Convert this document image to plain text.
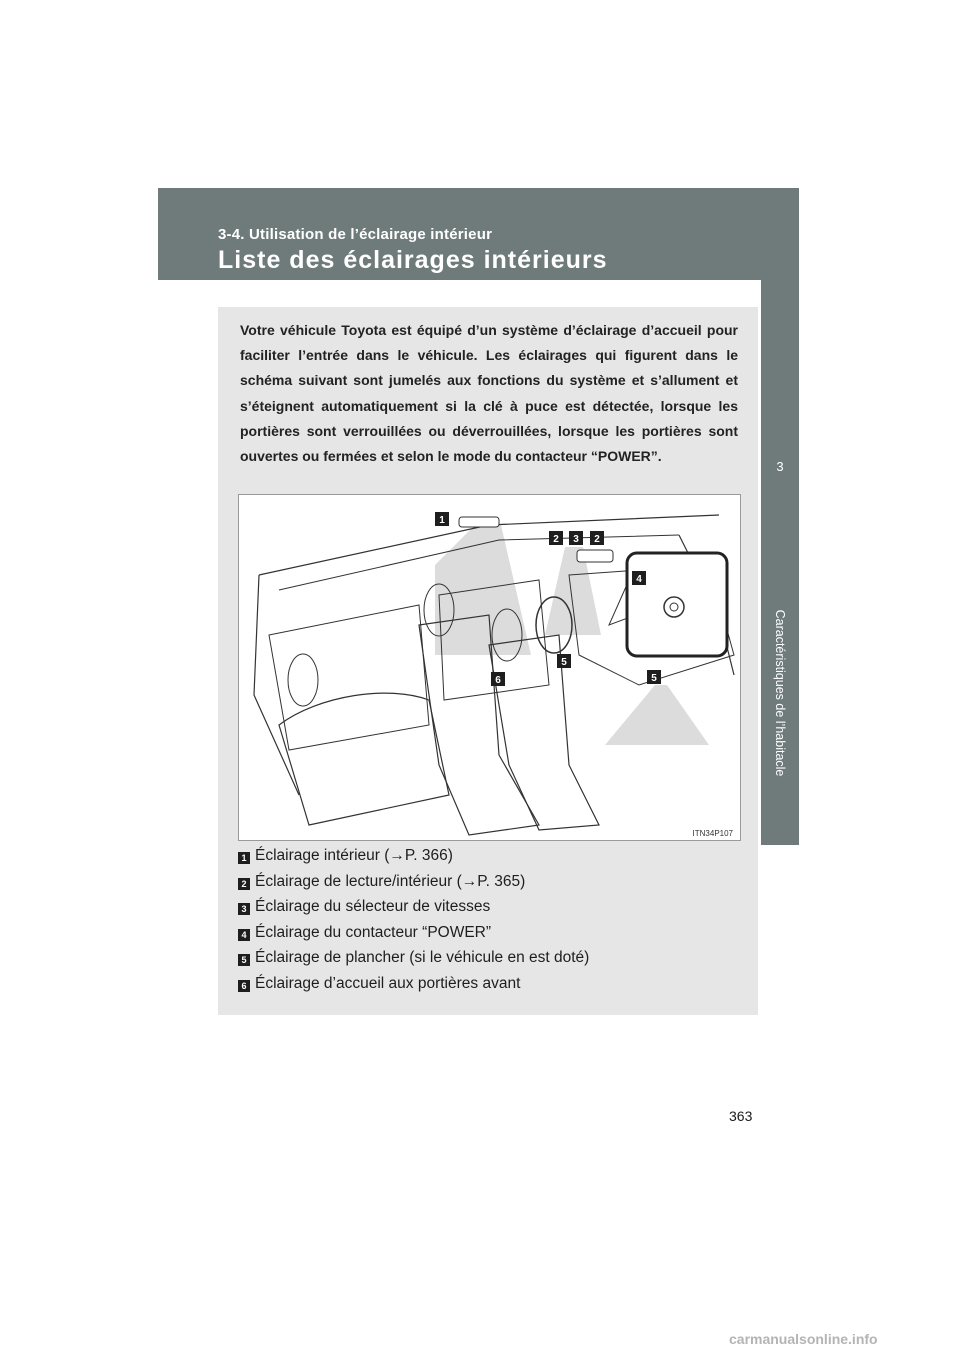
3-4. Utilisation de l’éclairage intérieur
Liste des éclairages intérieurs
3
Caractéristiques de l’habitacle
Votre véhicule Toyota est équipé d’un système d’éclairage d’accueil pour faciliter l’entrée dans le véhicule. Les éclairages qui figurent dans le schéma suivant sont jumelés aux fonctions du système et s’allument et s’éteignent automatiquement si la clé à puce est détectée, lorsque les portières sont verrouillées ou déverrouillées, lorsque les portières sont ouvertes ou fermées et selon le mode du contacteur “POWER”.
1
2 3 2
4
5
6	5
ITN34P107
1 Éclairage intérieur (→P. 366)
2 Éclairage de lecture/intérieur (→P. 365)
3 Éclairage du sélecteur de vitesses
4 Éclairage du contacteur “POWER”
5 Éclairage de plancher (si le véhicule en est doté)
6 Éclairage d’accueil aux portières avant
363
carmanualsonline.info
